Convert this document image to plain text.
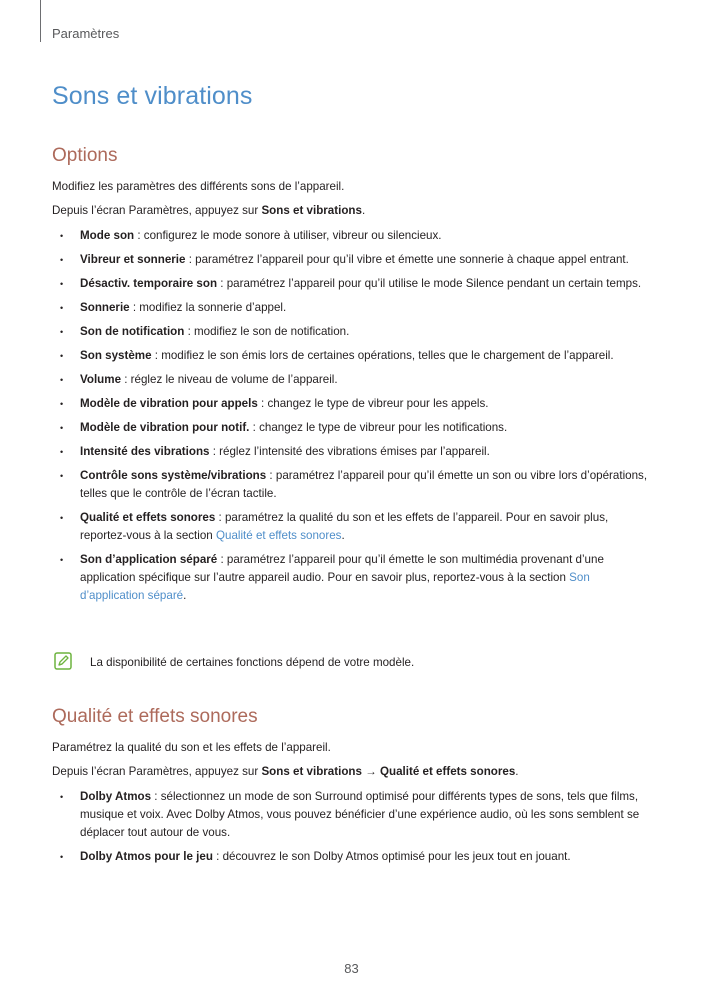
Paramètres
Sons et vibrations
Options

Modifiez les paramètres des différents sons de l’appareil.

Depuis l’écran Paramètres, appuyez sur Sons et vibrations.

• Mode son : configurez le mode sonore à utiliser, vibreur ou silencieux.
• Vibreur et sonnerie : paramétrez l’appareil pour qu’il vibre et émette une sonnerie à chaque appel entrant.
• Désactiv. temporaire son : paramétrez l’appareil pour qu’il utilise le mode Silence pendant un certain temps.
• Sonnerie : modifiez la sonnerie d’appel.
• Son de notification : modifiez le son de notification.
• Son système : modifiez le son émis lors de certaines opérations, telles que le chargement de l’appareil.
• Volume : réglez le niveau de volume de l’appareil.
• Modèle de vibration pour appels : changez le type de vibreur pour les appels.
• Modèle de vibration pour notif. : changez le type de vibreur pour les notifications.
• Intensité des vibrations : réglez l’intensité des vibrations émises par l’appareil.
• Contrôle sons système/vibrations : paramétrez l’appareil pour qu’il émette un son ou vibre lors d’opérations, telles que le contrôle de l’écran tactile.
• Qualité et effets sonores : paramétrez la qualité du son et les effets de l’appareil. Pour en savoir plus, reportez-vous à la section Qualité et effets sonores.
• Son d’application séparé : paramétrez l’appareil pour qu’il émette le son multimédia provenant d’une application spécifique sur l’autre appareil audio. Pour en savoir plus, reportez-vous à la section Son d’application séparé.
La disponibilité de certaines fonctions dépend de votre modèle.
Qualité et effets sonores

Paramétrez la qualité du son et les effets de l’appareil.

Depuis l’écran Paramètres, appuyez sur Sons et vibrations → Qualité et effets sonores.

• Dolby Atmos : sélectionnez un mode de son Surround optimisé pour différents types de sons, tels que films, musique et voix. Avec Dolby Atmos, vous pouvez bénéficier d’une expérience audio, où les sons semblent se déplacer tout autour de vous.
• Dolby Atmos pour le jeu : découvrez le son Dolby Atmos optimisé pour les jeux tout en jouant.
83
